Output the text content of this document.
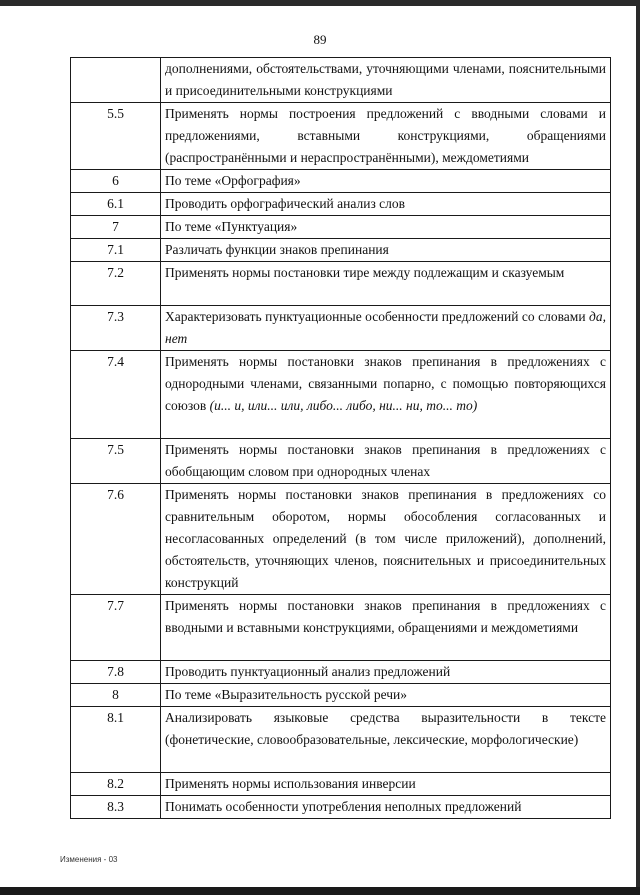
89
	дополнениями, обстоятельствами, уточняющими членами, пояснительными и присоединительными конструкциями
5.5	Применять нормы построения предложений с вводными словами и предложениями, вставными конструкциями, обращениями (распространёнными и нераспространёнными), междометиями
6	По теме «Орфография»
6.1	Проводить орфографический анализ слов
7	По теме «Пунктуация»
7.1	Различать функции знаков препинания
7.2	Применять нормы постановки тире между подлежащим и сказуемым
7.3	Характеризовать пунктуационные особенности предложений со словами да, нет
7.4	Применять нормы постановки знаков препинания в предложениях с однородными членами, связанными попарно, с помощью повторяющихся союзов (и... и, или... или, либо... либо, ни... ни, то... то)
7.5	Применять нормы постановки знаков препинания в предложениях с обобщающим словом при однородных членах
7.6	Применять нормы постановки знаков препинания в предложениях со сравнительным оборотом, нормы обособления согласованных и несогласованных определений (в том числе приложений), дополнений, обстоятельств, уточняющих членов, пояснительных и присоединительных конструкций
7.7	Применять нормы постановки знаков препинания в предложениях с вводными и вставными конструкциями, обращениями и междометиями
7.8	Проводить пунктуационный анализ предложений
8	По теме «Выразительность русской речи»
8.1	Анализировать языковые средства выразительности в тексте (фонетические, словообразовательные, лексические, морфологические)
8.2	Применять нормы использования инверсии
8.3	Понимать особенности употребления неполных предложений
Изменения - 03
